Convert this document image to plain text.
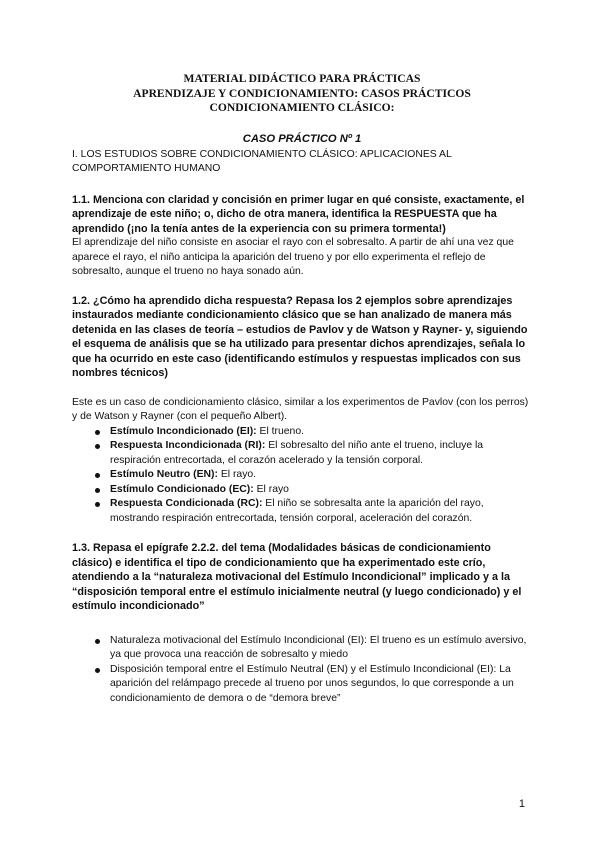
MATERIAL DIDÁCTICO PARA PRÁCTICAS
APRENDIZAJE Y CONDICIONAMIENTO: CASOS PRÁCTICOS
CONDICIONAMIENTO CLÁSICO:
CASO PRÁCTICO Nº 1

I. LOS ESTUDIOS SOBRE CONDICIONAMIENTO CLÁSICO: APLICACIONES AL COMPORTAMIENTO HUMANO

1.1. Menciona con claridad y concisión en primer lugar en qué consiste, exactamente, el aprendizaje de este niño; o, dicho de otra manera, identifica la RESPUESTA que ha aprendido (¡no la tenía antes de la experiencia con su primera tormenta!)

El aprendizaje del niño consiste en asociar el rayo con el sobresalto. A partir de ahí una vez que aparece el rayo, el niño anticipa la aparición del trueno y por ello experimenta el reflejo de sobresalto, aunque el trueno no haya sonado aún.

1.2. ¿Cómo ha aprendido dicha respuesta? Repasa los 2 ejemplos sobre aprendizajes instaurados mediante condicionamiento clásico que se han analizado de manera más detenida en las clases de teoría – estudios de Pavlov y de Watson y Rayner- y, siguiendo el esquema de análisis que se ha utilizado para presentar dichos aprendizajes, señala lo que ha ocurrido en este caso (identificando estímulos y respuestas implicados con sus nombres técnicos)

Este es un caso de condicionamiento clásico, similar a los experimentos de Pavlov (con los perros) y de Watson y Rayner (con el pequeño Albert).

Estímulo Incondicionado (EI): El trueno.
Respuesta Incondicionada (RI): El sobresalto del niño ante el trueno, incluye la respiración entrecortada, el corazón acelerado y la tensión corporal.
Estímulo Neutro (EN): El rayo.
Estímulo Condicionado (EC): El rayo
Respuesta Condicionada (RC): El niño se sobresalta ante la aparición del rayo, mostrando respiración entrecortada, tensión corporal, aceleración del corazón.

1.3. Repasa el epígrafe 2.2.2. del tema (Modalidades básicas de condicionamiento clásico) e identifica el tipo de condicionamiento que ha experimentado este crío, atendiendo a la “naturaleza motivacional del Estímulo Incondicional” implicado y a la “disposición temporal entre el estímulo inicialmente neutral (y luego condicionado) y el estímulo incondicionado”

Naturaleza motivacional del Estímulo Incondicional (EI): El trueno es un estímulo aversivo, ya que provoca una reacción de sobresalto y miedo
Disposición temporal entre el Estímulo Neutral (EN) y el Estímulo Incondicional (EI): La aparición del relámpago precede al trueno por unos segundos, lo que corresponde a un condicionamiento de demora o de “demora breve”
1
